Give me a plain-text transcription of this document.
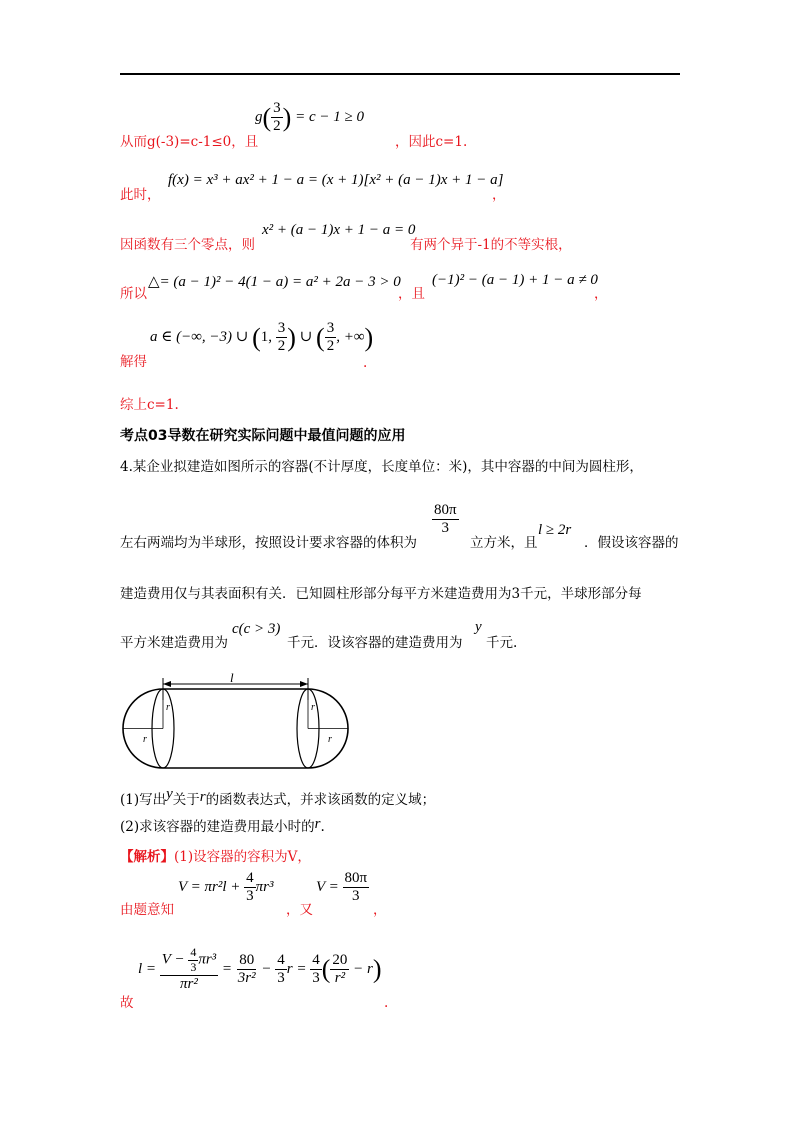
从而g(-3)=c-1≤0，且
$g( \frac{3}{2}$ ) = c − 1 ≥ 0
，因此c=1.
此时，
f(x) = x³ + ax² + 1 − a = (x + 1)[x² + (a − 1)x + 1 − a]
，
因函数有三个零点，则
x² + (a − 1)x + 1 − a = 0
有两个异于-1的不等实根，
所以
△= (a − 1)² − 4(1 − a) = a² + 2a − 3 > 0
，且
(−1)² − (a − 1) + 1 − a ≠ 0
，
解得
a ∈ (−∞, −3) ∪ (1, $\frac{3}{2}$ ) ∪ ( $\frac{3}{2}$ , +∞)
.
综上c=1.
考点03导数在研究实际问题中最值问题的应用
4.某企业拟建造如图所示的容器(不计厚度，长度单位：米)，其中容器的中间为圆柱形，
左右两端均为半球形，按照设计要求容器的体积为
$\frac{80\pi}{3}$
立方米，且
l ≥ 2r
．假设该容器的
建造费用仅与其表面积有关．已知圆柱形部分每平方米建造费用为3千元，半球形部分每
平方米建造费用为
c(c > 3)
千元．设该容器的建造费用为
y
千元.
l
r
r	r
r
(1)写出y关于r的函数表达式，并求该函数的定义域；
(2)求该容器的建造费用最小时的r.
【解析】(1)设容器的容积为V，
由题意知
$V = \pi r^2l + \frac{4}{3} \pi r^3$
，又
$V = \frac{80\pi}{3}$
，
故
$l = \frac{V - \frac{4}{3} \pi r^3}{\text{πr²}} = \frac{80}{\text{3r²}} - \frac{4}{3}$ $r = \frac{4}{3}$ ( $\frac{20}{\text{r²}} - r$)
.
